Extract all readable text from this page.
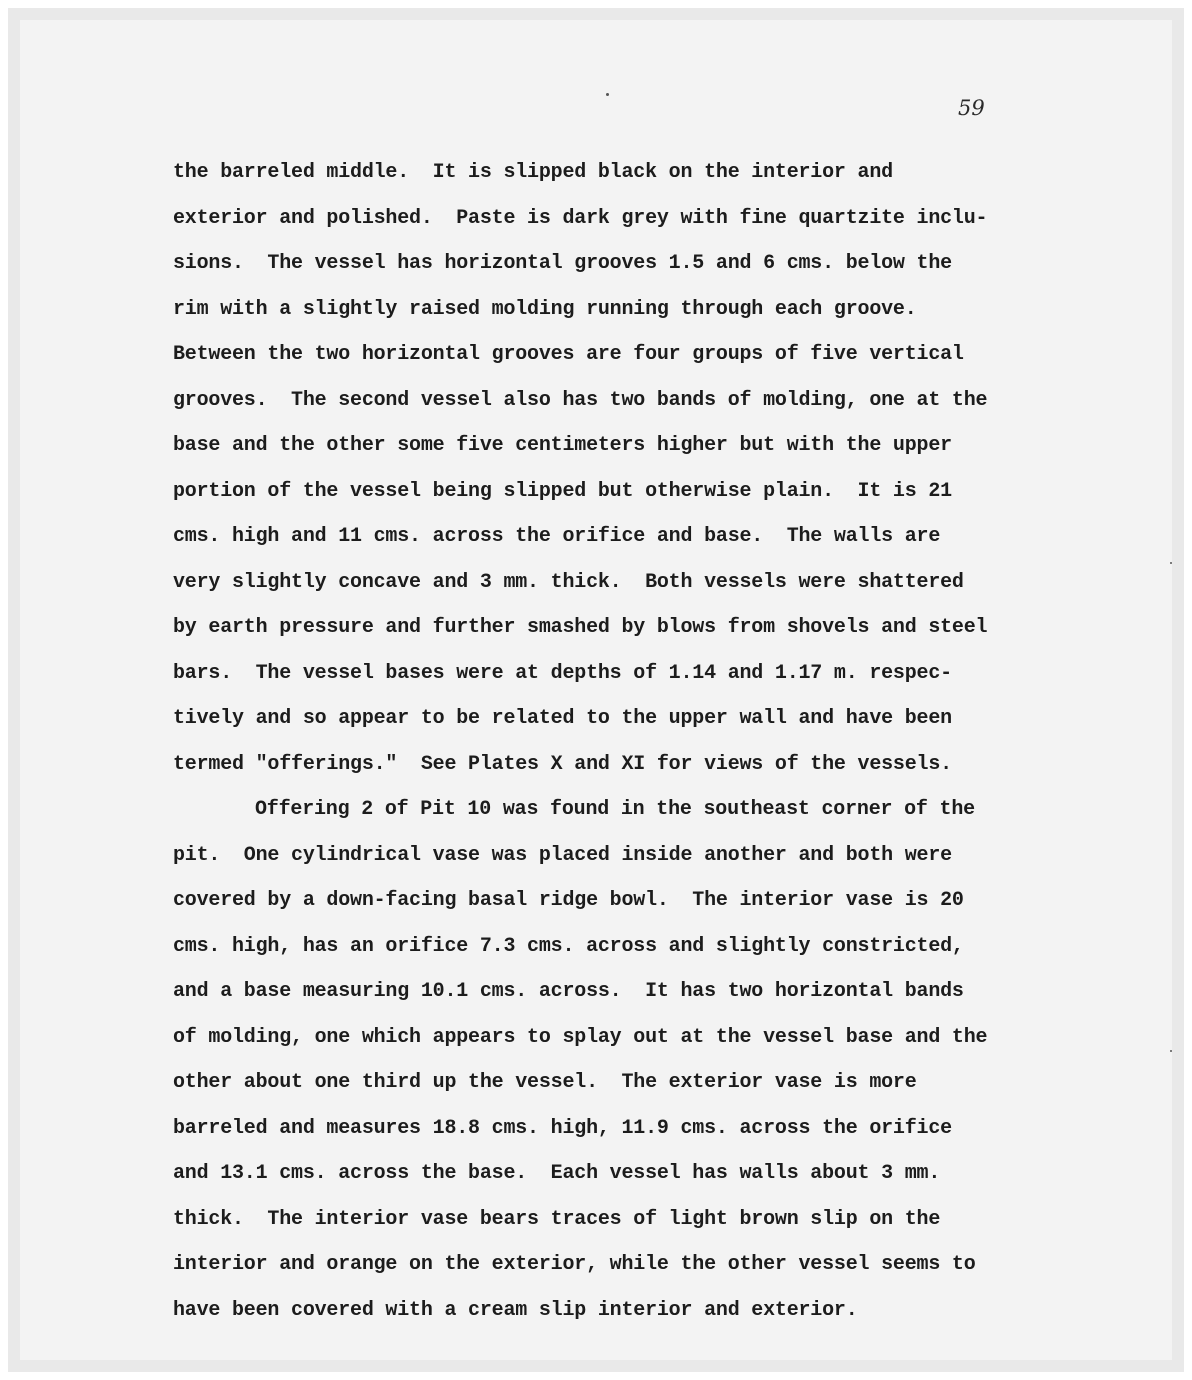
59
the barreled middle.  It is slipped black on the interior and
exterior and polished.  Paste is dark grey with fine quartzite inclu-
sions.  The vessel has horizontal grooves 1.5 and 6 cms. below the
rim with a slightly raised molding running through each groove.
Between the two horizontal grooves are four groups of five vertical
grooves.  The second vessel also has two bands of molding, one at the
base and the other some five centimeters higher but with the upper
portion of the vessel being slipped but otherwise plain.  It is 21
cms. high and 11 cms. across the orifice and base.  The walls are
very slightly concave and 3 mm. thick.  Both vessels were shattered
by earth pressure and further smashed by blows from shovels and steel
bars.  The vessel bases were at depths of 1.14 and 1.17 m. respec-
tively and so appear to be related to the upper wall and have been
termed "offerings."  See Plates X and XI for views of the vessels.
Offering 2 of Pit 10 was found in the southeast corner of the
pit.  One cylindrical vase was placed inside another and both were
covered by a down-facing basal ridge bowl.  The interior vase is 20
cms. high, has an orifice 7.3 cms. across and slightly constricted,
and a base measuring 10.1 cms. across.  It has two horizontal bands
of molding, one which appears to splay out at the vessel base and the
other about one third up the vessel.  The exterior vase is more
barreled and measures 18.8 cms. high, 11.9 cms. across the orifice
and 13.1 cms. across the base.  Each vessel has walls about 3 mm.
thick.  The interior vase bears traces of light brown slip on the
interior and orange on the exterior, while the other vessel seems to
have been covered with a cream slip interior and exterior.
